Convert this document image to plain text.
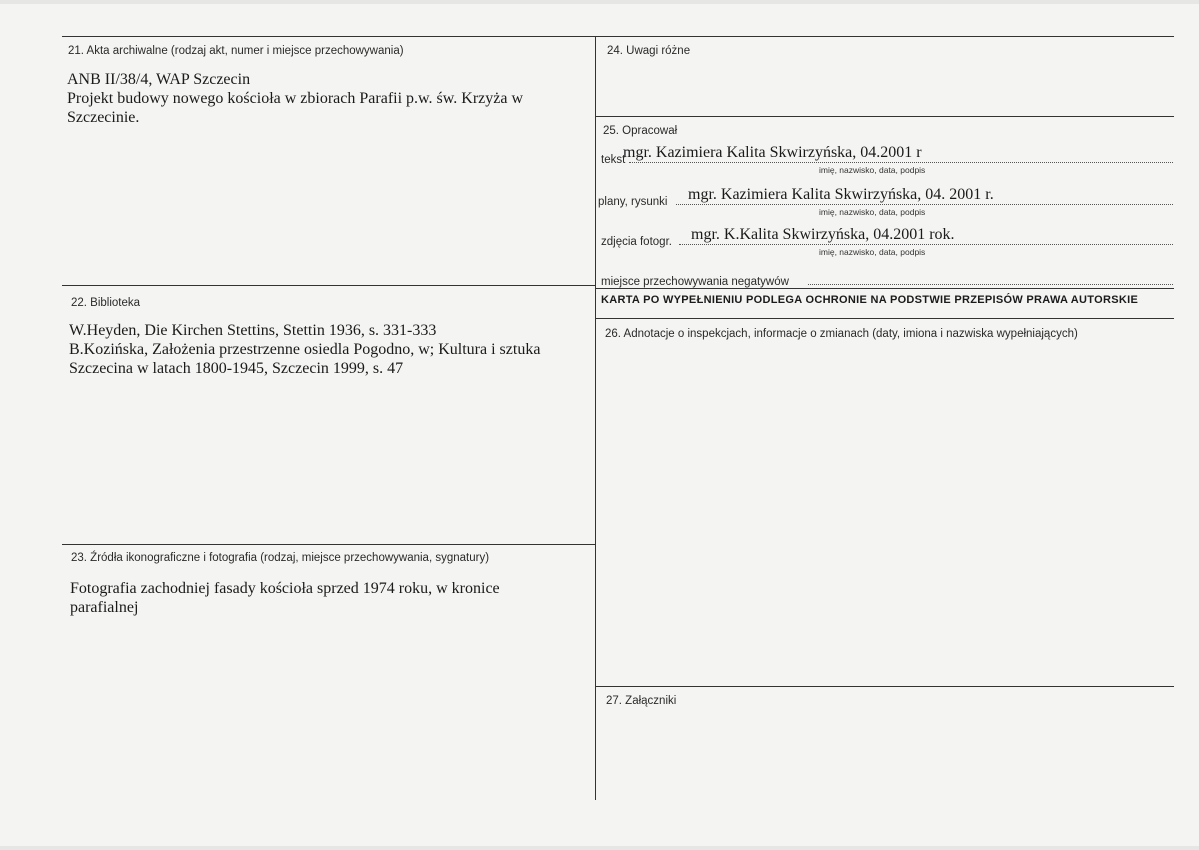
21. Akta archiwalne (rodzaj akt, numer i miejsce przechowywania)
ANB II/38/4, WAP Szczecin
Projekt budowy nowego kościoła w zbiorach Parafii p.w. św. Krzyża w
Szczecinie.
22. Biblioteka
W.Heyden, Die Kirchen Stettins, Stettin 1936, s. 331-333
B.Kozińska, Założenia przestrzenne osiedla Pogodno, w; Kultura i sztuka
Szczecina w latach 1800-1945, Szczecin 1999, s. 47
23. Źródła ikonograficzne i fotografia (rodzaj, miejsce przechowywania, sygnatury)
Fotografia zachodniej fasady kościoła sprzed 1974 roku, w kronice
parafialnej
24. Uwagi różne
25. Opracował
tekst
mgr. Kazimiera Kalita Skwirzyńska, 04.2001 r
imię, nazwisko, data, podpis
plany, rysunki mgr. Kazimiera Kalita Skwirzyńska, 04. 2001 r.
imię, nazwisko, data, podpis
zdjęcia fotogr. mgr. K.Kalita Skwirzyńska, 04.2001 rok.
imię, nazwisko, data, podpis
miejsce przechowywania negatywów
KARTA PO WYPEŁNIENIU PODLEGA OCHRONIE NA PODSTWIE PRZEPISÓW PRAWA AUTORSKIE
26. Adnotacje o inspekcjach, informacje o zmianach (daty, imiona i nazwiska wypełniających)
27. Załączniki
